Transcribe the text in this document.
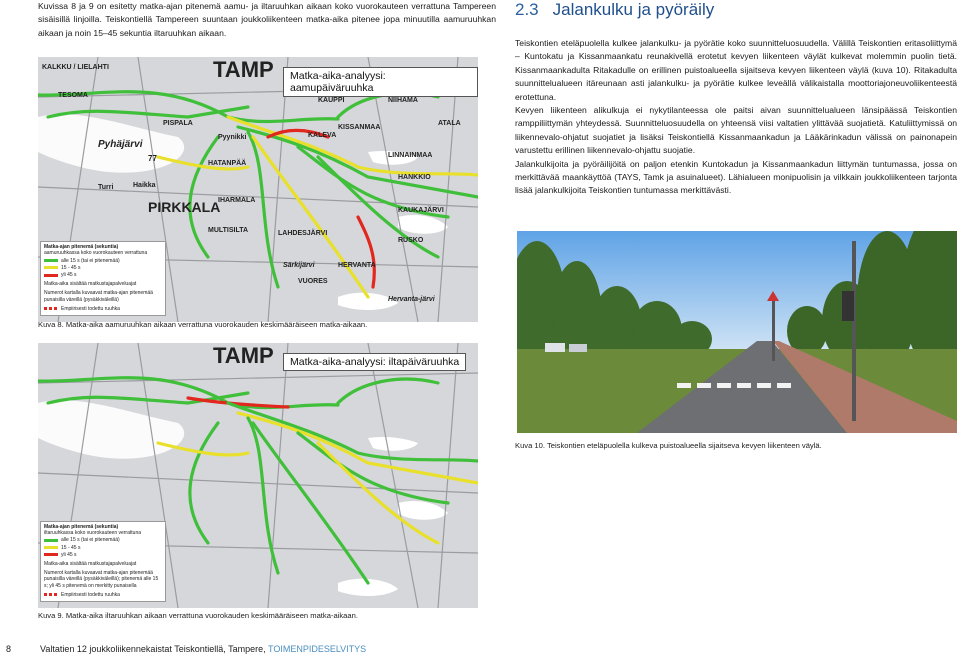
Kuvissa 8 ja 9 on esitetty matka-ajan pitenemä aamu- ja iltaruuhkan aikaan koko vuorokauteen verrattuna Tampereen sisäisillä linjoilla. Teiskontiellä Tampereen suuntaan joukkoliikenteen matka-aika pitenee jopa minuutilla aamuruuhkan aikaan ja noin 15–45 sekuntia iltaruuhkan aikaan.

KALKKU / LIELAHTI
TESOMA
PISPALA
Pyhäjärvi
Pyynikki
HATANPÄÄ
Turri	Haikka
IHARMALA
MULTISILTA
Särkijärvi
VUORES
KAUPPI	NIIHAMA
KISSANMAA
ATALA
KALEVA
LINNAINMAA
HANKKIO
KAUKAJÄRVI
RUSKO
HERVANTA
LAHDESJÄRVI
Hervanta-järvi
PIRKKALA
77
TAMP	Matka-aika-analyysi: aamupäiväruuhka
Matka-ajan pitenemä (sekuntia)
aamuruuhkassa koko vuorokauteen verrattuna
alle 15 s (tai ei pitenemää)
15 - 45 s
yli 45 s
Matka-aika sisältää matkustajapalveluajat
Numerot kartalla kuvaavat matka-ajan pitenemää punaisilla väreillä (pysäkkiväleillä)
Empiirisesti todettu ruuhka
Kuva 8. Matka-aika aamuruuhkan aikaan verrattuna vuorokauden keskimääräiseen matka-aikaan.
TAMP	Matka-aika-analyysi: iltapäiväruuhka
Matka-ajan pitenemä (sekuntia)
iltaruuhkassa koko vuorokauteen verrattuna
alle 15 s (tai ei pitenemää)
15 - 45 s
yli 45 s
Matka-aika sisältää matkustajapalveluajat
Numerot kartalla kuvaavat matka-ajan pitenemää punaisilla väreillä (pysäkkiväleillä); pitenemä alle 15 s; yli 45 s pitenemä on merkitty punaisella
Empiirisesti todettu ruuhka
Kuva 9. Matka-aika iltaruuhkan aikaan verrattuna vuorokauden keskimääräiseen matka-aikaan.
2.3 Jalankulku ja pyöräily

Teiskontien eteläpuolella kulkee jalankulku- ja pyörätie koko suunnitteluosuudella. Välillä Teiskontien eritasoliittymä – Kuntokatu ja Kissanmaankatu reunakivellä erotetut kevyen liikenteen väylät kulkevat molemmin puolin tietä. Kissanmaankadulta Ritakadulle on erillinen puistoalueella sijaitseva kevyen liikenteen väylä (kuva 10). Ritakadulta suunnittelualueen itäreunaan asti jalankulku- ja pyörätie kulkee leveällä välikaistalla moottoriajoneuvoliikenteestä erotettuna.

Kevyen liikenteen alikulkuja ei nykytilanteessa ole paitsi aivan suunnittelualueen länsipäässä Teiskontien ramppiliittymän yhteydessä. Suunnitteluosuudella on yhteensä viisi valtatien ylittävää suojatietä. Katuliittymissä on liikennevalo-ohjatut suojatiet ja lisäksi Teiskontiellä Kissanmaankadun ja Lääkärinkadun välissä on painonapein varustettu erillinen liikennevalo-ohjattu suojatie.

Jalankulkijoita ja pyöräilijöitä on paljon etenkin Kuntokadun ja Kissanmaankadun liittymän tuntumassa, jossa on merkittävää maankäyttöä (TAYS, Tamk ja asuinalueet). Lähialueen monipuolisin ja vilkkain joukkoliikenteen tarjonta lisää jalankulkijoita Teiskontien tuntumassa merkittävästi.

Kuva 10. Teiskontien eteläpuolella kulkeva puistoalueella sijaitseva kevyen liikenteen väylä.
8	Valtatien 12 joukkoliikennekaistat Teiskontiellä, Tampere, TOIMENPIDESELVITYS
